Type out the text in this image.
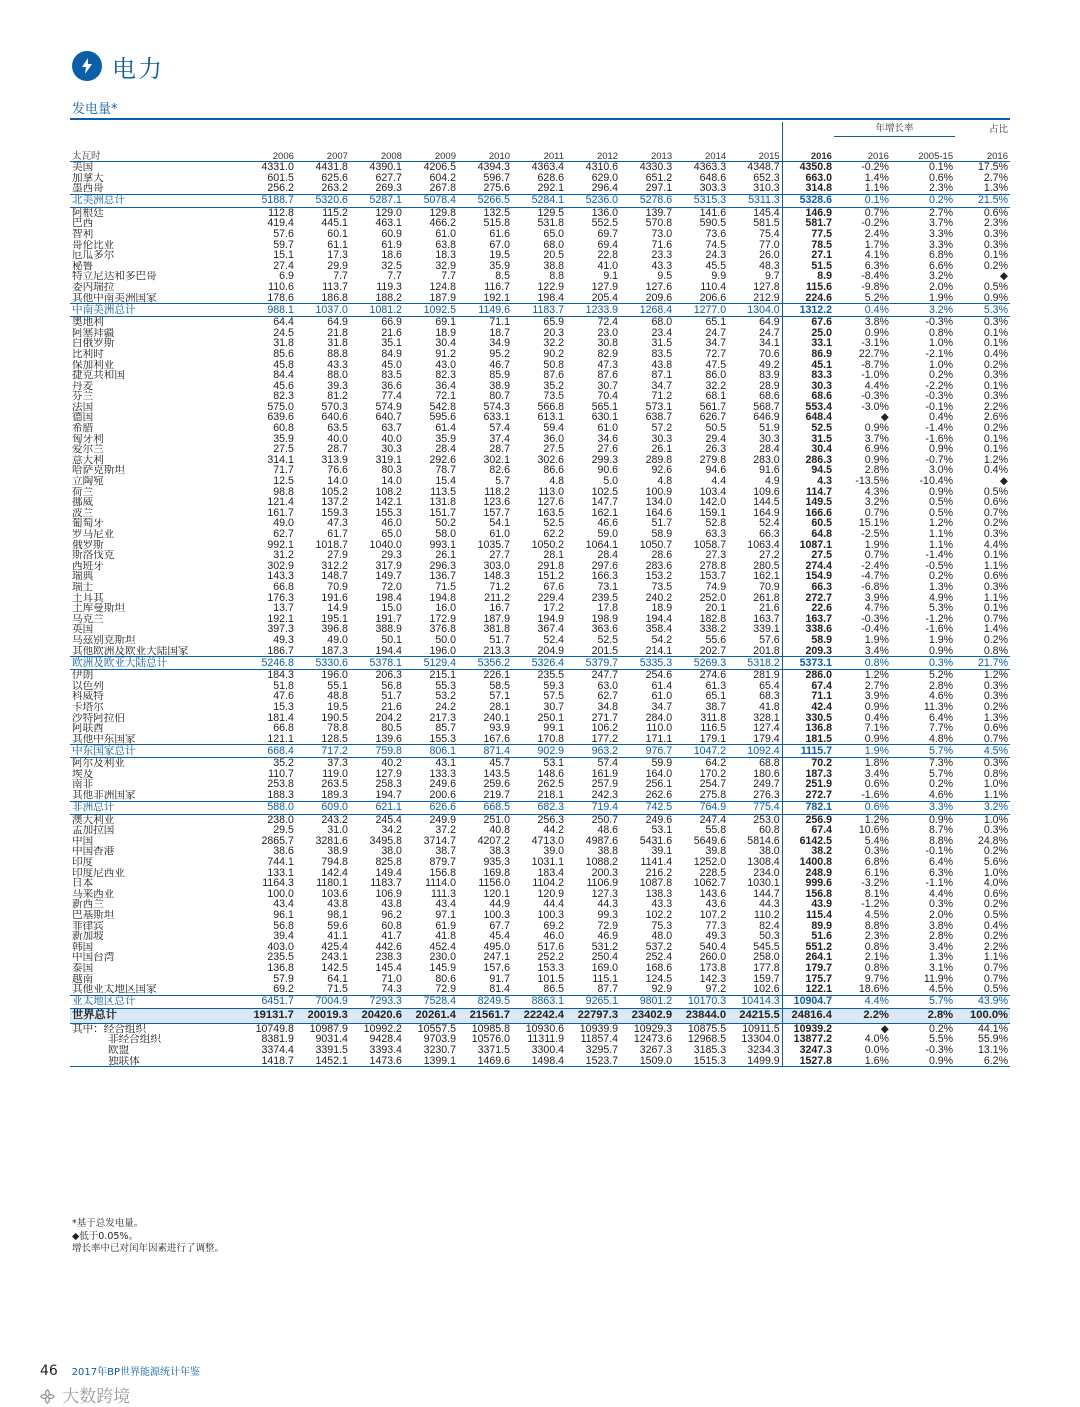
电力
发电量*
												年增长率		占比
太瓦时	2006	2007	2008	2009	2010	2011	2012	2013	2014	2015	2016	2016	2005-15	2016
美国	4331.0	4431.8	4390.1	4206.5	4394.3	4363.4	4310.6	4330.3	4363.3	4348.7	4350.8	-0.2%	0.1%	17.5%
加拿大	601.5	625.6	627.7	604.2	596.7	628.6	629.0	651.2	648.6	652.3	663.0	1.4%	0.6%	2.7%
墨西哥	256.2	263.2	269.3	267.8	275.6	292.1	296.4	297.1	303.3	310.3	314.8	1.1%	2.3%	1.3%
北美洲总计	5188.7	5320.6	5287.1	5078.4	5266.5	5284.1	5236.0	5278.6	5315.3	5311.3	5328.6	0.1%	0.2%	21.5%
阿根廷	112.8	115.2	129.0	129.8	132.5	129.5	136.0	139.7	141.6	145.4	146.9	0.7%	2.7%	0.6%
巴西	419.4	445.1	463.1	466.2	515.8	531.8	552.5	570.8	590.5	581.5	581.7	-0.2%	3.7%	2.3%
智利	57.6	60.1	60.9	61.0	61.6	65.0	69.7	73.0	73.6	75.4	77.5	2.4%	3.3%	0.3%
哥伦比亚	59.7	61.1	61.9	63.8	67.0	68.0	69.4	71.6	74.5	77.0	78.5	1.7%	3.3%	0.3%
厄瓜多尔	15.1	17.3	18.6	18.3	19.5	20.5	22.8	23.3	24.3	26.0	27.1	4.1%	6.8%	0.1%
秘鲁	27.4	29.9	32.5	32.9	35.9	38.8	41.0	43.3	45.5	48.3	51.5	6.3%	6.6%	0.2%
特立尼达和多巴哥	6.9	7.7	7.7	7.7	8.5	8.8	9.1	9.5	9.9	9.7	8.9	-8.4%	3.2%	◆
委内瑞拉	110.6	113.7	119.3	124.8	116.7	122.9	127.9	127.6	110.4	127.8	115.6	-9.8%	2.0%	0.5%
其他中南美洲国家	178.6	186.8	188.2	187.9	192.1	198.4	205.4	209.6	206.6	212.9	224.6	5.2%	1.9%	0.9%
中南美洲总计	988.1	1037.0	1081.2	1092.5	1149.6	1183.7	1233.9	1268.4	1277.0	1304.0	1312.2	0.4%	3.2%	5.3%
奥地利	64.4	64.9	66.9	69.1	71.1	65.9	72.4	68.0	65.1	64.9	67.6	3.8%	-0.3%	0.3%
阿塞拜疆	24.5	21.8	21.6	18.9	18.7	20.3	23.0	23.4	24.7	24.7	25.0	0.9%	0.8%	0.1%
白俄罗斯	31.8	31.8	35.1	30.4	34.9	32.2	30.8	31.5	34.7	34.1	33.1	-3.1%	1.0%	0.1%
比利时	85.6	88.8	84.9	91.2	95.2	90.2	82.9	83.5	72.7	70.6	86.9	22.7%	-2.1%	0.4%
保加利亚	45.8	43.3	45.0	43.0	46.7	50.8	47.3	43.8	47.5	49.2	45.1	-8.7%	1.0%	0.2%
捷克共和国	84.4	88.0	83.5	82.3	85.9	87.6	87.6	87.1	86.0	83.9	83.3	-1.0%	0.2%	0.3%
丹麦	45.6	39.3	36.6	36.4	38.9	35.2	30.7	34.7	32.2	28.9	30.3	4.4%	-2.2%	0.1%
芬兰	82.3	81.2	77.4	72.1	80.7	73.5	70.4	71.2	68.1	68.6	68.6	-0.3%	-0.3%	0.3%
法国	575.0	570.3	574.9	542.8	574.3	566.8	565.1	573.1	561.7	568.7	553.4	-3.0%	-0.1%	2.2%
德国	639.6	640.6	640.7	595.6	633.1	613.1	630.1	638.7	626.7	646.9	648.4	◆	0.4%	2.6%
希腊	60.8	63.5	63.7	61.4	57.4	59.4	61.0	57.2	50.5	51.9	52.5	0.9%	-1.4%	0.2%
匈牙利	35.9	40.0	40.0	35.9	37.4	36.0	34.6	30.3	29.4	30.3	31.5	3.7%	-1.6%	0.1%
爱尔兰	27.5	28.7	30.3	28.4	28.7	27.5	27.6	26.1	26.3	28.4	30.4	6.9%	0.9%	0.1%
意大利	314.1	313.9	319.1	292.6	302.1	302.6	299.3	289.8	279.8	283.0	286.3	0.9%	-0.7%	1.2%
哈萨克斯坦	71.7	76.6	80.3	78.7	82.6	86.6	90.6	92.6	94.6	91.6	94.5	2.8%	3.0%	0.4%
立陶宛	12.5	14.0	14.0	15.4	5.7	4.8	5.0	4.8	4.4	4.9	4.3	-13.5%	-10.4%	◆
荷兰	98.8	105.2	108.2	113.5	118.2	113.0	102.5	100.9	103.4	109.6	114.7	4.3%	0.9%	0.5%
挪威	121.4	137.2	142.1	131.8	123.6	127.6	147.7	134.0	142.0	144.5	149.5	3.2%	0.5%	0.6%
波兰	161.7	159.3	155.3	151.7	157.7	163.5	162.1	164.6	159.1	164.9	166.6	0.7%	0.5%	0.7%
葡萄牙	49.0	47.3	46.0	50.2	54.1	52.5	46.6	51.7	52.8	52.4	60.5	15.1%	1.2%	0.2%
罗马尼亚	62.7	61.7	65.0	58.0	61.0	62.2	59.0	58.9	63.3	66.3	64.8	-2.5%	1.1%	0.3%
俄罗斯	992.1	1018.7	1040.0	993.1	1035.7	1050.2	1064.1	1050.7	1058.7	1063.4	1087.1	1.9%	1.1%	4.4%
斯洛伐克	31.2	27.9	29.3	26.1	27.7	28.1	28.4	28.6	27.3	27.2	27.5	0.7%	-1.4%	0.1%
西班牙	302.9	312.2	317.9	296.3	303.0	291.8	297.6	283.6	278.8	280.5	274.4	-2.4%	-0.5%	1.1%
瑞典	143.3	148.7	149.7	136.7	148.3	151.2	166.3	153.2	153.7	162.1	154.9	-4.7%	0.2%	0.6%
瑞士	66.8	70.9	72.0	71.5	71.2	67.6	73.1	73.5	74.9	70.9	66.3	-6.8%	1.3%	0.3%
土耳其	176.3	191.6	198.4	194.8	211.2	229.4	239.5	240.2	252.0	261.8	272.7	3.9%	4.9%	1.1%
土库曼斯坦	13.7	14.9	15.0	16.0	16.7	17.2	17.8	18.9	20.1	21.6	22.6	4.7%	5.3%	0.1%
乌克兰	192.1	195.1	191.7	172.9	187.9	194.9	198.9	194.4	182.8	163.7	163.7	-0.3%	-1.2%	0.7%
英国	397.3	396.8	388.9	376.8	381.8	367.4	363.6	358.4	338.2	339.1	338.6	-0.4%	-1.6%	1.4%
乌兹别克斯坦	49.3	49.0	50.1	50.0	51.7	52.4	52.5	54.2	55.6	57.6	58.9	1.9%	1.9%	0.2%
其他欧洲及欧亚大陆国家	186.7	187.3	194.4	196.0	213.3	204.9	201.5	214.1	202.7	201.8	209.3	3.4%	0.9%	0.8%
欧洲及欧亚大陆总计	5246.8	5330.6	5378.1	5129.4	5356.2	5326.4	5379.7	5335.3	5269.3	5318.2	5373.1	0.8%	0.3%	21.7%
伊朗	184.3	196.0	206.3	215.1	226.1	235.5	247.7	254.6	274.6	281.9	286.0	1.2%	5.2%	1.2%
以色列	51.8	55.1	56.8	55.3	58.5	59.3	63.0	61.4	61.3	65.4	67.4	2.7%	2.8%	0.3%
科威特	47.6	48.8	51.7	53.2	57.1	57.5	62.7	61.0	65.1	68.3	71.1	3.9%	4.6%	0.3%
卡塔尔	15.3	19.5	21.6	24.2	28.1	30.7	34.8	34.7	38.7	41.8	42.4	0.9%	11.3%	0.2%
沙特阿拉伯	181.4	190.5	204.2	217.3	240.1	250.1	271.7	284.0	311.8	328.1	330.5	0.4%	6.4%	1.3%
阿联酋	66.8	78.8	80.5	85.7	93.9	99.1	106.2	110.0	116.5	127.4	136.8	7.1%	7.7%	0.6%
其他中东国家	121.1	128.5	139.6	155.3	167.6	170.8	177.2	171.1	179.1	179.4	181.5	0.9%	4.8%	0.7%
中东国家总计	668.4	717.2	759.8	806.1	871.4	902.9	963.2	976.7	1047.2	1092.4	1115.7	1.9%	5.7%	4.5%
阿尔及利亚	35.2	37.3	40.2	43.1	45.7	53.1	57.4	59.9	64.2	68.8	70.2	1.8%	7.3%	0.3%
埃及	110.7	119.0	127.9	133.3	143.5	148.6	161.9	164.0	170.2	180.6	187.3	3.4%	5.7%	0.8%
南非	253.8	263.5	258.3	249.6	259.6	262.5	257.9	256.1	254.7	249.7	251.9	0.6%	0.2%	1.0%
其他非洲国家	188.3	189.3	194.7	200.6	219.7	218.1	242.3	262.6	275.8	276.3	272.7	-1.6%	4.6%	1.1%
非洲总计	588.0	609.0	621.1	626.6	668.5	682.3	719.4	742.5	764.9	775.4	782.1	0.6%	3.3%	3.2%
澳大利亚	238.0	243.2	245.4	249.9	251.0	256.3	250.7	249.6	247.4	253.0	256.9	1.2%	0.9%	1.0%
孟加拉国	29.5	31.0	34.2	37.2	40.8	44.2	48.6	53.1	55.8	60.8	67.4	10.6%	8.7%	0.3%
中国	2865.7	3281.6	3495.8	3714.7	4207.2	4713.0	4987.6	5431.6	5649.6	5814.6	6142.5	5.4%	8.8%	24.8%
中国香港	38.6	38.9	38.0	38.7	38.3	39.0	38.8	39.1	39.8	38.0	38.2	0.3%	-0.1%	0.2%
印度	744.1	794.8	825.8	879.7	935.3	1031.1	1088.2	1141.4	1252.0	1308.4	1400.8	6.8%	6.4%	5.6%
印度尼西亚	133.1	142.4	149.4	156.8	169.8	183.4	200.3	216.2	228.5	234.0	248.9	6.1%	6.3%	1.0%
日本	1164.3	1180.1	1183.7	1114.0	1156.0	1104.2	1106.9	1087.8	1062.7	1030.1	999.6	-3.2%	-1.1%	4.0%
马来西亚	100.0	103.6	106.9	111.3	120.1	120.9	127.3	138.3	143.6	144.7	156.8	8.1%	4.4%	0.6%
新西兰	43.4	43.8	43.8	43.4	44.9	44.4	44.3	43.3	43.6	44.3	43.9	-1.2%	0.3%	0.2%
巴基斯坦	96.1	98.1	96.2	97.1	100.3	100.3	99.3	102.2	107.2	110.2	115.4	4.5%	2.0%	0.5%
菲律宾	56.8	59.6	60.8	61.9	67.7	69.2	72.9	75.3	77.3	82.4	89.9	8.8%	3.8%	0.4%
新加坡	39.4	41.1	41.7	41.8	45.4	46.0	46.9	48.0	49.3	50.3	51.6	2.3%	2.8%	0.2%
韩国	403.0	425.4	442.6	452.4	495.0	517.6	531.2	537.2	540.4	545.5	551.2	0.8%	3.4%	2.2%
中国台湾	235.5	243.1	238.3	230.0	247.1	252.2	250.4	252.4	260.0	258.0	264.1	2.1%	1.3%	1.1%
泰国	136.8	142.5	145.4	145.9	157.6	153.3	169.0	168.6	173.8	177.8	179.7	0.8%	3.1%	0.7%
越南	57.9	64.1	71.0	80.6	91.7	101.5	115.1	124.5	142.3	159.7	175.7	9.7%	11.9%	0.7%
其他亚太地区国家	69.2	71.5	74.3	72.9	81.4	86.5	87.7	92.9	97.2	102.6	122.1	18.6%	4.5%	0.5%
亚太地区总计	6451.7	7004.9	7293.3	7528.4	8249.5	8863.1	9265.1	9801.2	10170.3	10414.3	10904.7	4.4%	5.7%	43.9%
世界总计	19131.7	20019.3	20420.6	20261.4	21561.7	22242.4	22797.3	23402.9	23844.0	24215.5	24816.4	2.2%	2.8%	100.0%
其中：经合组织	10749.8	10987.9	10992.2	10557.5	10985.8	10930.6	10939.9	10929.3	10875.5	10911.5	10939.2	◆	0.2%	44.1%
非经合组织	8381.9	9031.4	9428.4	9703.9	10576.0	11311.9	11857.4	12473.6	12968.5	13304.0	13877.2	4.0%	5.5%	55.9%
欧盟	3374.4	3391.5	3393.4	3230.7	3371.5	3300.4	3295.7	3267.3	3185.3	3234.3	3247.3	0.0%	-0.3%	13.1%
独联体	1418.7	1452.1	1473.6	1399.1	1469.6	1498.4	1523.7	1509.0	1515.3	1499.9	1527.8	1.6%	0.9%	6.2%
*基于总发电量。
◆低于0.05%。
增长率中已对闰年因素进行了调整。
46 2017年BP世界能源统计年鉴
᯽ 大数跨境
